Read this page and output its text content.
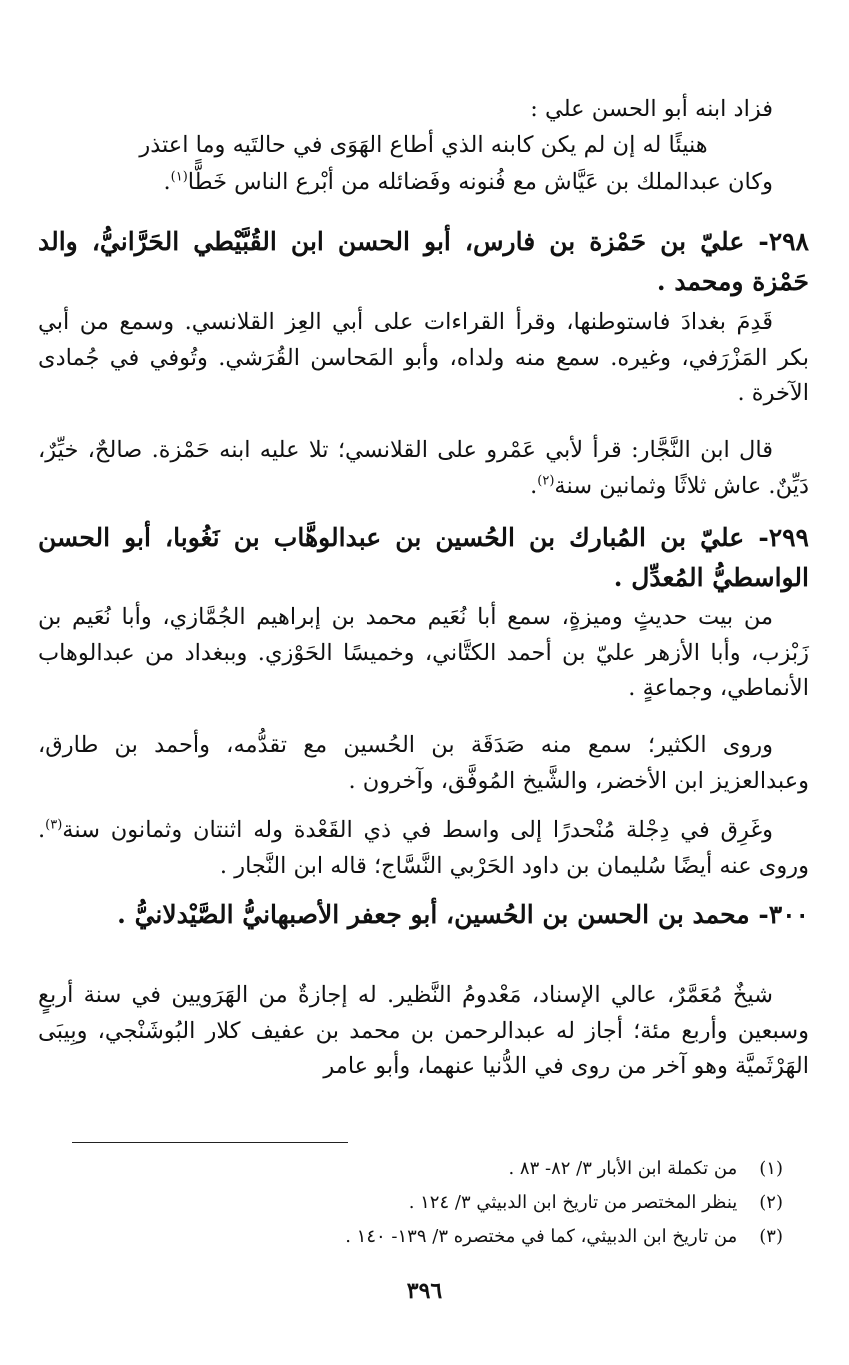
فزاد ابنه أبو الحسن علي :
هنيئًا له إن لم يكن كابنه الذي أطاع الهَوَى في حالتَيه وما اعتذر
وكان عبدالملك بن عَيَّاش مع فُنونه وفَضائله من أبْرع الناس خَطًّا$^{(١)}$.
٢٩٨- عليّ بن حَمْزة بن فارس، أبو الحسن ابن القُبَّيْطي الحَرَّانيُّ، والد حَمْزة ومحمد .
قَدِمَ بغدادَ فاستوطنها، وقرأ القراءات على أبي العِز القلانسي. وسمع من أبي بكر المَزْرَفي، وغيره. سمع منه ولداه، وأبو المَحاسن القُرَشي. وتُوفي في جُمادى الآخرة .
قال ابن النَّجَّار: قرأ لأبي عَمْرو على القلانسي؛ تلا عليه ابنه حَمْزة. صالحٌ، خيِّرٌ، دَيِّنٌ. عاش ثلاثًا وثمانين سنة$^{(٢)}$.
٢٩٩- عليّ بن المُبارك بن الحُسين بن عبدالوهَّاب بن نَغُوبا، أبو الحسن الواسطيُّ المُعدِّل .
من بيت حديثٍ وميزةٍ، سمع أبا نُعَيم محمد بن إبراهيم الجُمَّازي، وأبا نُعَيم بن زَبْزب، وأبا الأزهر عليّ بن أحمد الكتَّاني، وخميسًا الحَوْزي. وببغداد من عبدالوهاب الأنماطي، وجماعةٍ .
وروى الكثير؛ سمع منه صَدَقَة بن الحُسين مع تقدُّمه، وأحمد بن طارق، وعبدالعزيز ابن الأخضر، والشَّيخ المُوفَّق، وآخرون .
وغَرِق في دِجْلة مُنْحدرًا إلى واسط في ذي القَعْدة وله اثنتان وثمانون سنة$^{(٣)}$. وروى عنه أيضًا سُليمان بن داود الحَرْبي النَّسَّاج؛ قاله ابن النَّجار .
٣٠٠- محمد بن الحسن بن الحُسين، أبو جعفر الأصبهانيُّ الصَّيْدلانيُّ .
شيخٌ مُعَمَّرٌ، عالي الإسناد، مَعْدومُ النَّظير. له إجازةٌ من الهَرَويين في سنة أربعٍ وسبعين وأربع مئة؛ أجاز له عبدالرحمن بن محمد بن عفيف كلار البُوشَنْجي، وبِيبَى الهَرْثَميَّة وهو آخر من روى في الدُّنيا عنهما، وأبو عامر
(١) من تكملة ابن الأبار ٣/ ٨٢- ٨٣ .
(٢) ينظر المختصر من تاريخ ابن الدبيثي ٣/ ١٢٤ .
(٣) من تاريخ ابن الدبيثي، كما في مختصره ٣/ ١٣٩- ١٤٠ .
٣٩٦
